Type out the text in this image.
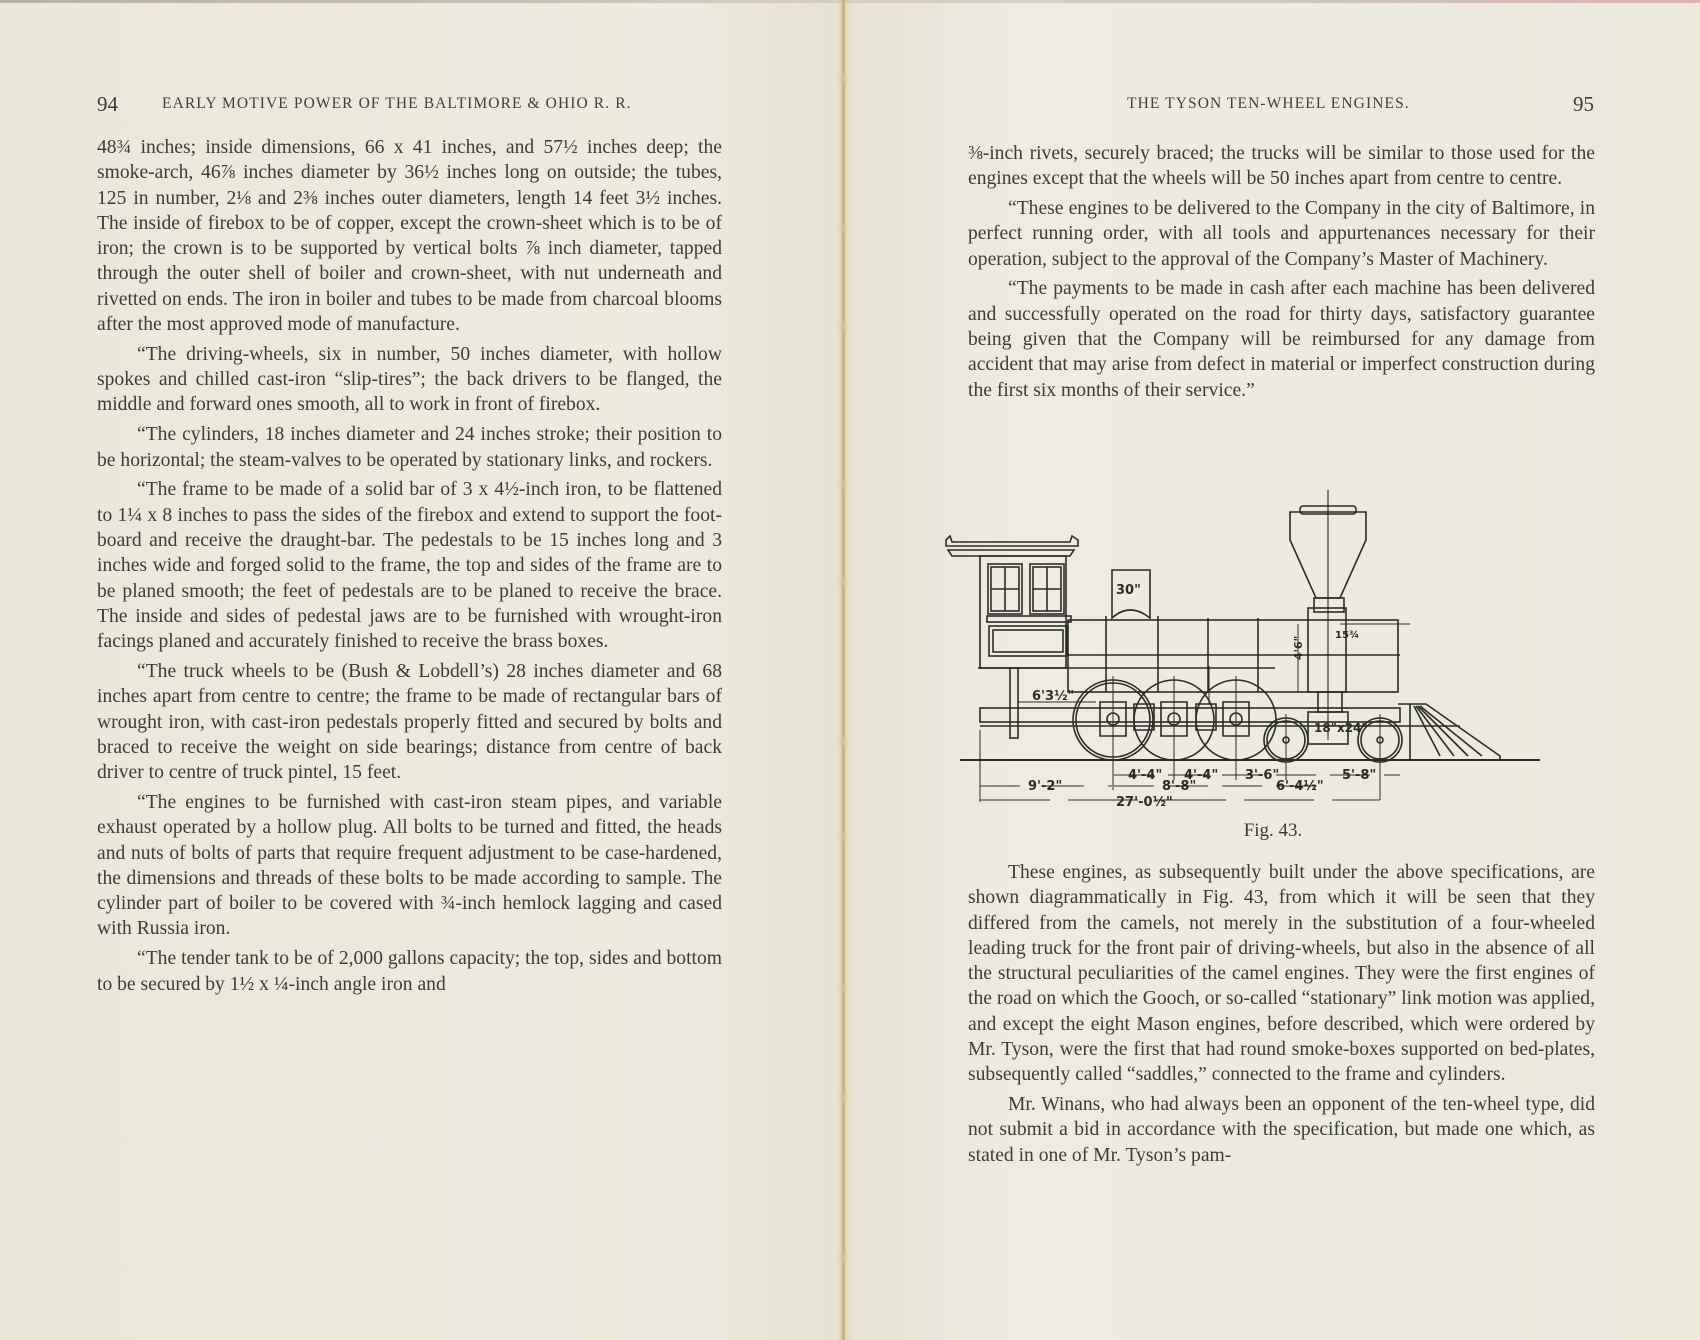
94	EARLY MOTIVE POWER OF THE BALTIMORE & OHIO R. R.

48¾ inches; inside dimensions, 66 x 41 inches, and 57½ inches deep; the smoke-arch, 46⅞ inches diameter by 36½ inches long on outside; the tubes, 125 in number, 2⅛ and 2⅜ inches outer diameters, length 14 feet 3½ inches. The inside of firebox to be of copper, except the crown-sheet which is to be of iron; the crown is to be supported by vertical bolts ⅞ inch diameter, tapped through the outer shell of boiler and crown-sheet, with nut underneath and rivetted on ends. The iron in boiler and tubes to be made from charcoal blooms after the most approved mode of manufacture.

“The driving-wheels, six in number, 50 inches diameter, with hollow spokes and chilled cast-iron “slip-tires”; the back drivers to be flanged, the middle and forward ones smooth, all to work in front of firebox.

“The cylinders, 18 inches diameter and 24 inches stroke; their position to be horizontal; the steam-valves to be operated by stationary links, and rockers.

“The frame to be made of a solid bar of 3 x 4½-inch iron, to be flattened to 1¼ x 8 inches to pass the sides of the firebox and extend to support the foot-board and receive the draught-bar. The pedestals to be 15 inches long and 3 inches wide and forged solid to the frame, the top and sides of the frame are to be planed smooth; the feet of pedestals are to be planed to receive the brace. The inside and sides of pedestal jaws are to be furnished with wrought-iron facings planed and accurately finished to receive the brass boxes.

“The truck wheels to be (Bush & Lobdell’s) 28 inches diameter and 68 inches apart from centre to centre; the frame to be made of rectangular bars of wrought iron, with cast-iron pedestals properly fitted and secured by bolts and braced to receive the weight on side bearings; distance from centre of back driver to centre of truck pintel, 15 feet.

“The engines to be furnished with cast-iron steam pipes, and variable exhaust operated by a hollow plug. All bolts to be turned and fitted, the heads and nuts of bolts of parts that require frequent adjustment to be case-hardened, the dimensions and threads of these bolts to be made according to sample. The cylinder part of boiler to be covered with ¾-inch hemlock lagging and cased with Russia iron.

“The tender tank to be of 2,000 gallons capacity; the top, sides and bottom to be secured by 1½ x ¼-inch angle iron and

THE TYSON TEN-WHEEL ENGINES.	95

⅜-inch rivets, securely braced; the trucks will be similar to those used for the engines except that the wheels will be 50 inches apart from centre to centre.

“These engines to be delivered to the Company in the city of Baltimore, in perfect running order, with all tools and appurtenances necessary for their operation, subject to the approval of the Company’s Master of Machinery.

“The payments to be made in cash after each machine has been delivered and successfully operated on the road for thirty days, satisfactory guarantee being given that the Company will be reimbursed for any damage from accident that may arise from defect in material or imperfect construction during the first six months of their service.”

30"
15¾
4'6"
6'3½"
18"x24"
9'-2"
4'-4" 4'-4"
8'-8"
3'-6"	5'-8"
6'-4½"
27'-0½"
Fig. 43.

These engines, as subsequently built under the above specifications, are shown diagrammatically in Fig. 43, from which it will be seen that they differed from the camels, not merely in the substitution of a four-wheeled leading truck for the front pair of driving-wheels, but also in the absence of all the structural peculiarities of the camel engines. They were the first engines of the road on which the Gooch, or so-called “stationary” link motion was applied, and except the eight Mason engines, before described, which were ordered by Mr. Tyson, were the first that had round smoke-boxes supported on bed-plates, subsequently called “saddles,” connected to the frame and cylinders.

Mr. Winans, who had always been an opponent of the ten-wheel type, did not submit a bid in accordance with the specification, but made one which, as stated in one of Mr. Tyson’s pam-
